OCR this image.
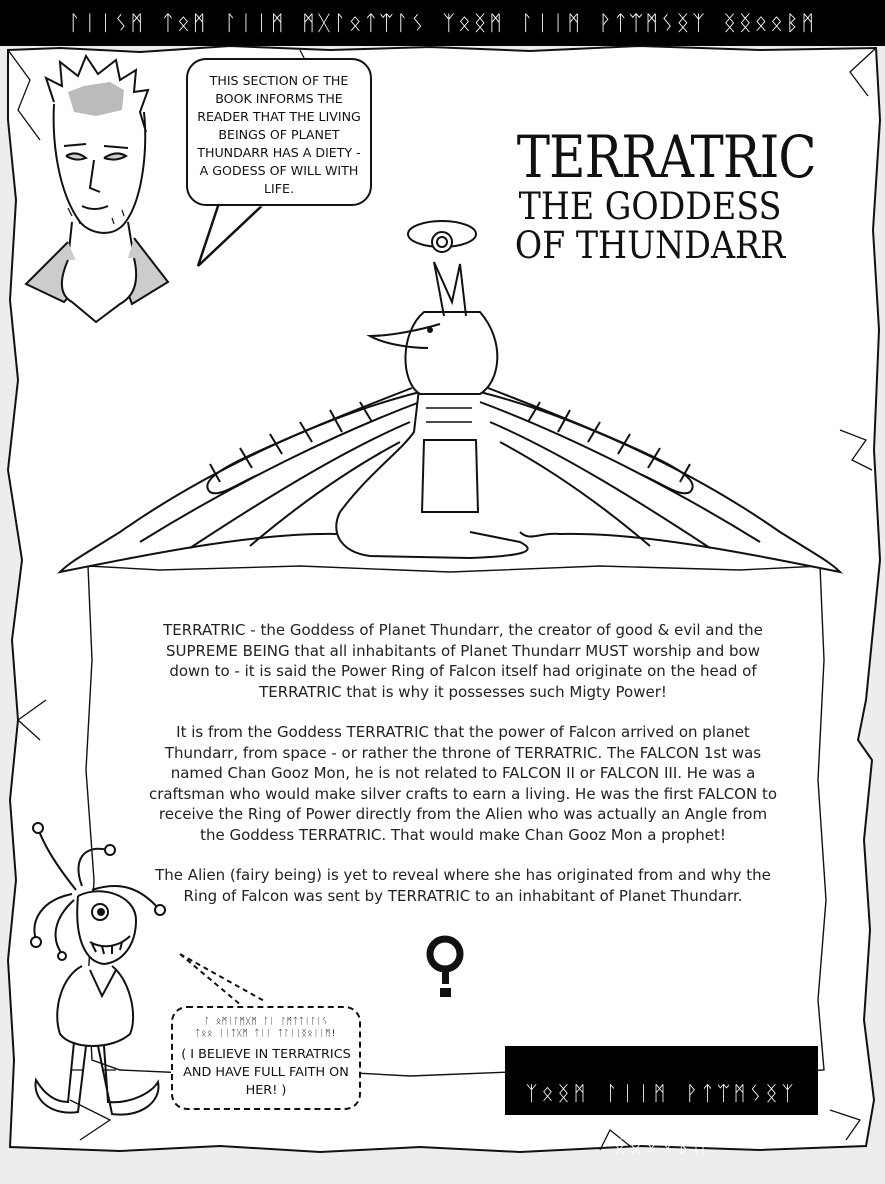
ᛚᛁᛁᛊᛗ ᛏᛟᛗ ᛚᛁᛁᛗ ᛗᚷᛚᛟᛏᛠᛚᛊ ᛉᛟᛝᛗ ᛚᛁᛁᛗ ᚹᛏᛠᛗᛊᛝᛉ ᛝᛝᛟᛟᛒᛗ
THIS SECTION OF THE BOOK INFORMS THE READER THAT THE LIVING BEINGS OF PLANET THUNDARR HAS A DIETY - A GODESS OF WILL WITH LIFE.	TERRATRIC
THE GODDESS
OF THUNDARR

TERRATRIC - the Goddess of Planet Thundarr, the creator of good & evil and the SUPREME BEING that all inhabitants of Planet Thundarr MUST worship and bow down to - it is said the Power Ring of Falcon itself had originate on the head of TERRATRIC that is why it possesses such Migty Power!

It is from the Goddess TERRATRIC that the power of Falcon arrived on planet Thundarr, from space - or rather the throne of TERRATRIC. The FALCON 1st was named Chan Gooz Mon, he is not related to FALCON II or FALCON III. He was a craftsman who would make silver crafts to earn a living. He was the first FALCON to receive the Ring of Power directly from the Alien who was actually an Angle from the Goddess TERRATRIC. That would make Chan Gooz Mon a prophet!

The Alien (fairy being) is yet to reveal where she has originated from and why the Ring of Falcon was sent by TERRATRIC to an inhabitant of Planet Thundarr.

ᛚ ᛟᛗᛁᛚᛗᚷᛗ ᛚᛁ ᛚᛗᛏᛏᛁᛚᛁᛊ
ᛏᛟᛟ ᛁᛁᛏᚷᛗ ᛏᛁᛁ ᛏᛚᛁᛁᛝᛟᛁᛁᛗ!
( I BELIEVE IN TERRATRICS AND HAVE FULL FAITH ON HER! )	ᛉᛟᛝᛗ ᛚᛁᛁᛗ ᚹᛏᛠᛗᛊᛝᛉ

ᛝᛝᛟᛟᛒᛗ
